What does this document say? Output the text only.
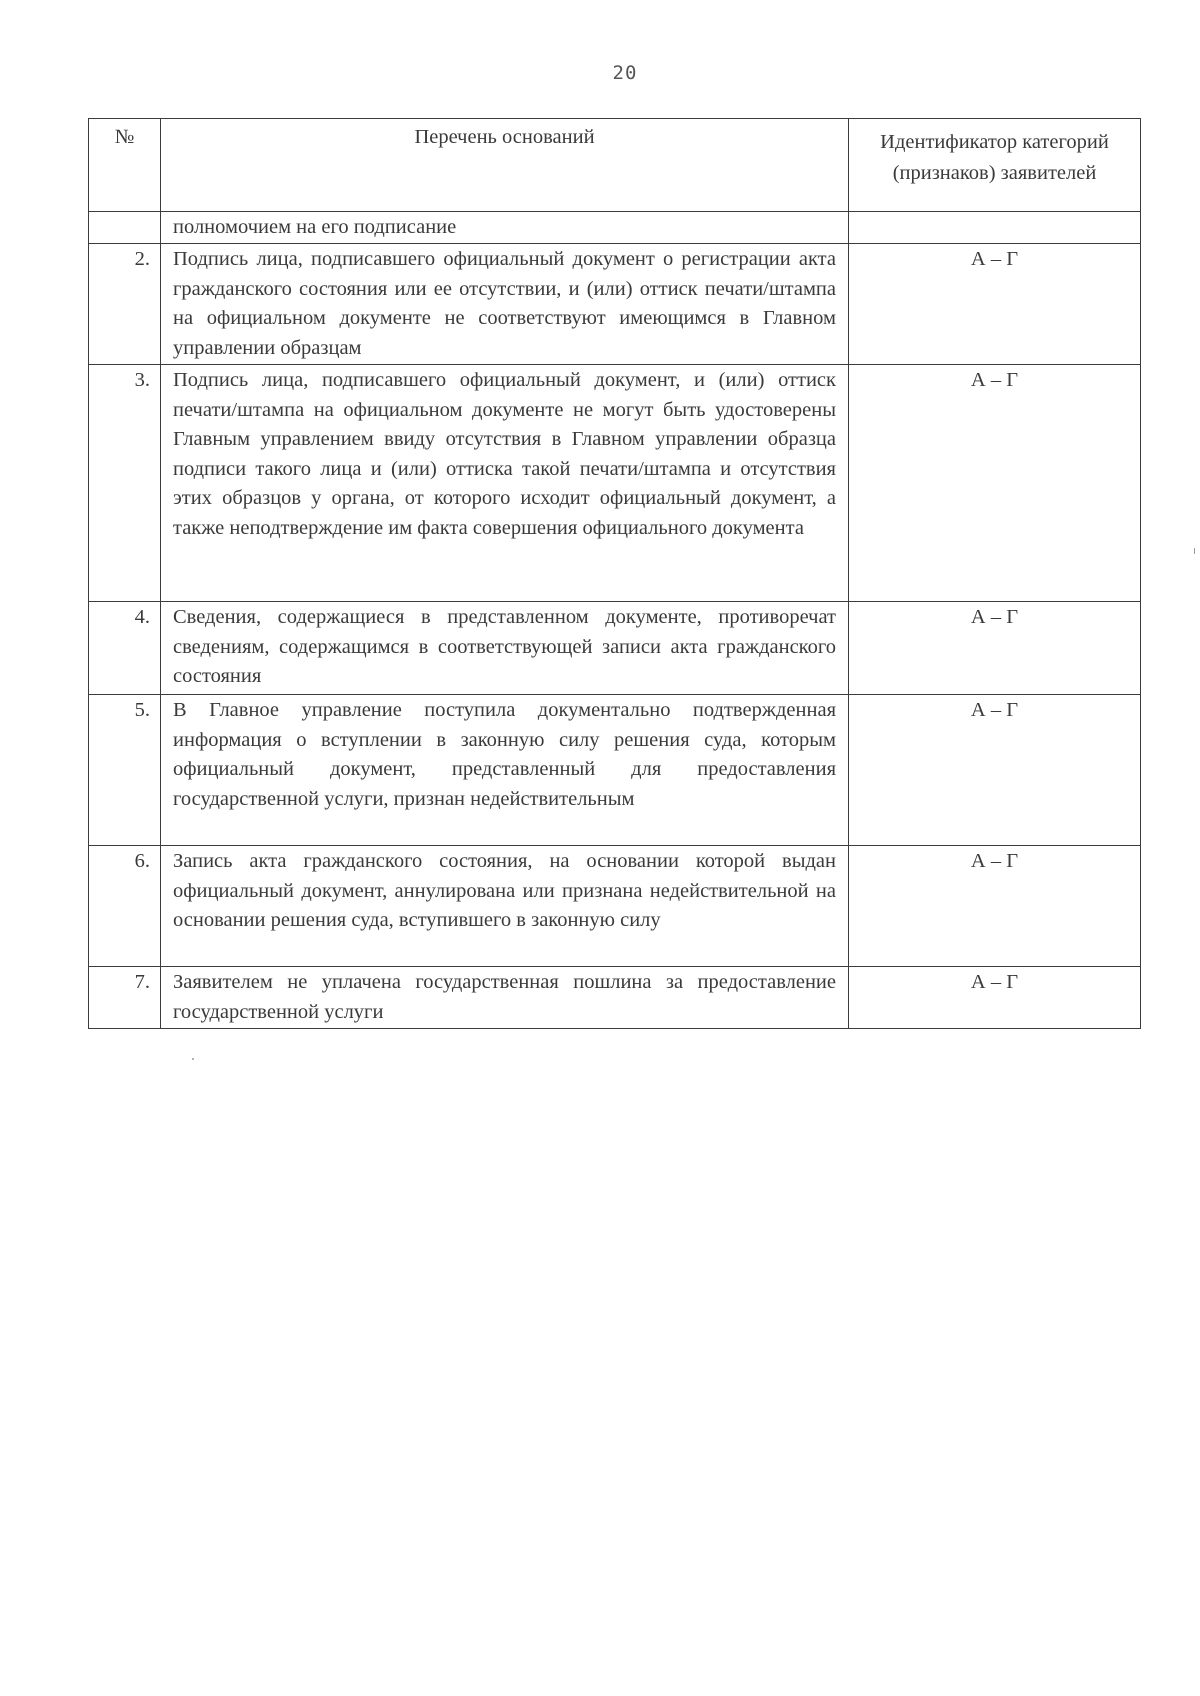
20
№	Перечень оснований	Идентификатор категорий (признаков) заявителей
	полномочием на его подписание	
2.	Подпись лица, подписавшего официальный документ о регистрации акта гражданского состояния или ее отсутствии, и (или) оттиск печати/штампа на официальном документе не соответствуют имеющимся в Главном управлении образцам	А – Г
3.	Подпись лица, подписавшего официальный документ, и (или) оттиск печати/штампа на официальном документе не могут быть удостоверены Главным управлением ввиду отсутствия в Главном управлении образца подписи такого лица и (или) оттиска такой печати/штампа и отсутствия этих образцов у органа, от которого исходит официальный документ, а также неподтверждение им факта совершения официального документа	А – Г
4.	Сведения, содержащиеся в представленном документе, противоречат сведениям, содержащимся в соответствующей записи акта гражданского состояния	А – Г
5.	В Главное управление поступила документально подтвержденная информация о вступлении в законную силу решения суда, которым официальный документ, представленный для предоставления государственной услуги, признан недействительным	А – Г
6.	Запись акта гражданского состояния, на основании которой выдан официальный документ, аннулирована или признана недействительной на основании решения суда, вступившего в законную силу	А – Г
7.	Заявителем не уплачена государственная пошлина за предоставление государственной услуги	А – Г
